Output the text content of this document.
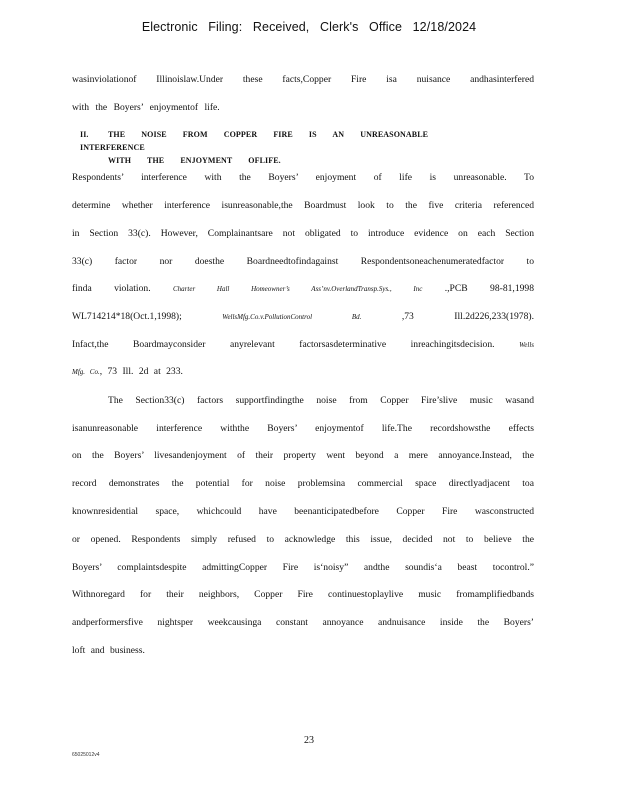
Electronic Filing: Received, Clerk's Office 12/18/2024
wasinviolationof Illinoislaw.Under these facts,Copper Fire isa nuisance andhasinterfered
with the Boyers’ enjoymentof life.
II. THE NOISE FROM COPPER FIRE IS AN UNREASONABLE INTERFERENCE
WITH THE ENJOYMENT OFLIFE.
Respondents’ interference with the Boyers’ enjoyment of life is unreasonable. To
determine whether interference isunreasonable,the Boardmust look to the five criteria referenced
in Section 33(c). However, Complainantsare not obligated to introduce evidence on each Section
33(c) factor nor doesthe Boardneedtofindagainst Respondentsoneachenumeratedfactor to
finda violation.	Charter Hall Homeowner’s Ass’nv.OverlandTransp.Sys., Inc .,PCB 98-81,1998
WL714214*18(Oct.1,1998);	WellsMfg.Co.v.PollutionControl Bd.	,73 Ill.2d226,233(1978).
Infact,the Boardmayconsider anyrelevant factorsasdeterminative inreachingitsdecision.	Wells
Mfg. Co., 73 Ill. 2d at 233.
The Section33(c) factors supportfindingthe noise from Copper Fire’slive music wasand
isanunreasonable interference withthe Boyers’ enjoymentof life.The recordshowsthe effects
on the Boyers’ livesandenjoyment of their property went beyond a mere annoyance.Instead, the
record demonstrates the potential for noise problemsina commercial space directlyadjacent toa
knownresidential space, whichcould have beenanticipatedbefore Copper Fire wasconstructed
or opened. Respondents simply refused to acknowledge this issue, decided not to believe the
Boyers’ complaintsdespite admittingCopper Fire is‘noisy” andthe soundis‘a beast tocontrol.”
Withnoregard for their neighbors, Copper Fire continuestoplaylive music fromamplifiedbands
andperformersfive nightsper weekcausinga constant annoyance andnuisance inside the Boyers’
loft and business.
23
65025012v4
